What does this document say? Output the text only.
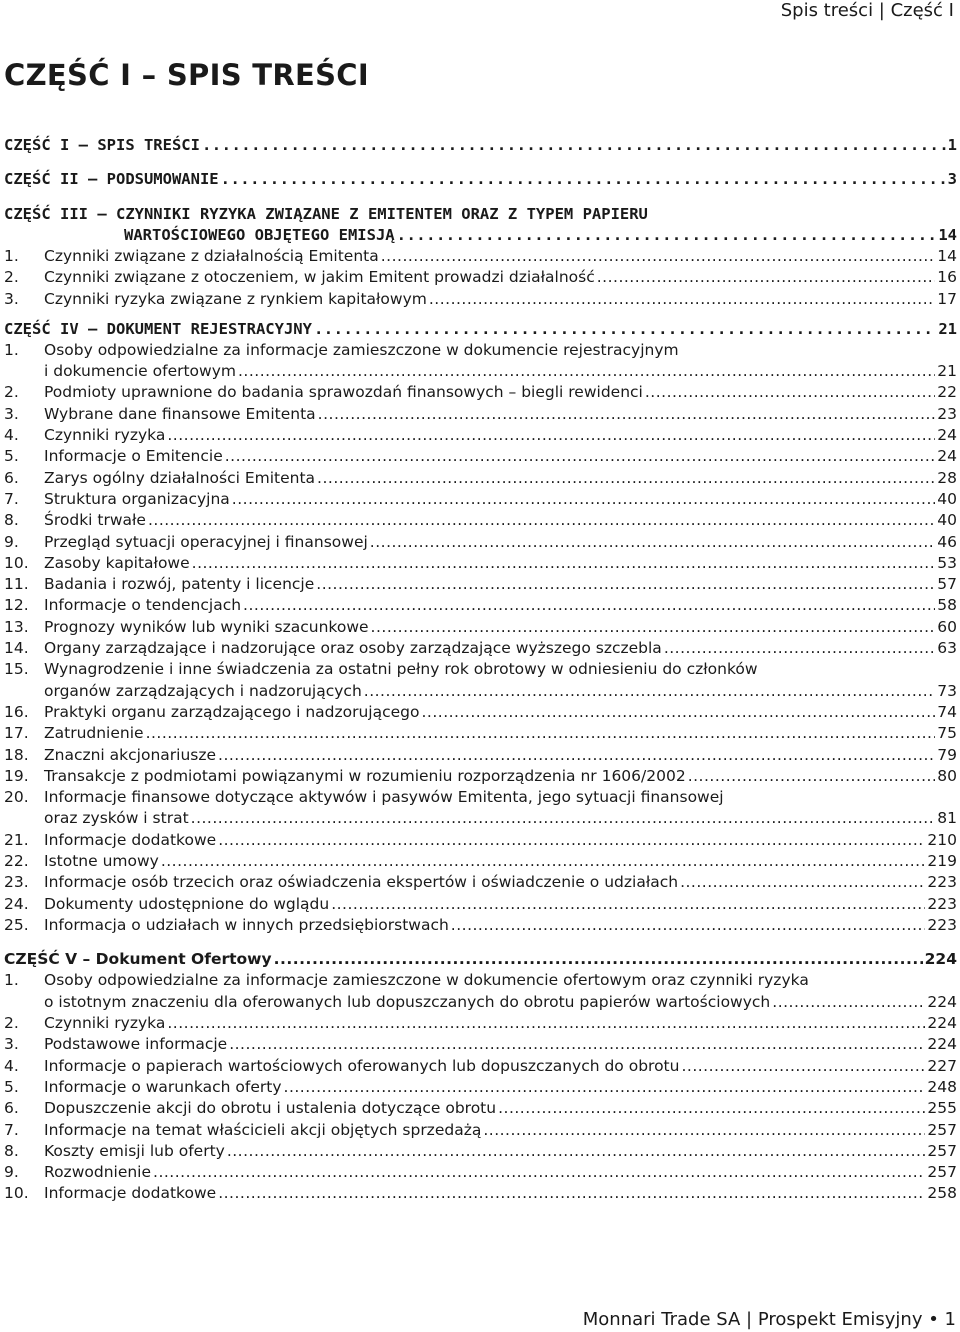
Spis treści | Część I
CZĘŚĆ I – SPIS TREŚCI
CZĘŚĆ I – SPIS TREŚCI .....	1
CZĘŚĆ II – PODSUMOWANIE .....	3
CZĘŚĆ III – CZYNNIKI RYZYKA ZWIĄZANE Z EMITENTEM ORAZ Z TYPEM PAPIERU
WARTOŚCIOWEGO OBJĘTEGO EMISJĄ .....	14
1.	Czynniki związane z działalnością Emitenta .....	14
2.	Czynniki związane z otoczeniem, w jakim Emitent prowadzi działalność .....	16
3.	Czynniki ryzyka związane z rynkiem kapitałowym .....	17
CZĘŚĆ IV – DOKUMENT REJESTRACYJNY .....	21
1.	Osoby odpowiedzialne za informacje zamieszczone w dokumencie rejestracyjnym
i dokumencie ofertowym .....	21
2.	Podmioty uprawnione do badania sprawozdań finansowych – biegli rewidenci .....	22
3.	Wybrane dane finansowe Emitenta .....	23
4.	Czynniki ryzyka .....	24
5.	Informacje o Emitencie .....	24
6.	Zarys ogólny działalności Emitenta .....	28
7.	Struktura organizacyjna .....	40
8.	Środki trwałe .....	40
9.	Przegląd sytuacji operacyjnej i finansowej .....	46
10. Zasoby kapitałowe .....	53
11. Badania i rozwój, patenty i licencje .....	57
12. Informacje o tendencjach .....	58
13. Prognozy wyników lub wyniki szacunkowe .....	60
14. Organy zarządzające i nadzorujące oraz osoby zarządzające wyższego szczebla .....	63
15. Wynagrodzenie i inne świadczenia za ostatni pełny rok obrotowy w odniesieniu do członków
organów zarządzających i nadzorujących .....	73
16. Praktyki organu zarządzającego i nadzorującego .....	74
17. Zatrudnienie .....	75
18. Znaczni akcjonariusze .....	79
19. Transakcje z podmiotami powiązanymi w rozumieniu rozporządzenia nr 1606/2002 .....	80
20. Informacje finansowe dotyczące aktywów i pasywów Emitenta, jego sytuacji finansowej
oraz zysków i strat .....	81
21. Informacje dodatkowe .....	210
22. Istotne umowy .....	219
23. Informacje osób trzecich oraz oświadczenia ekspertów i oświadczenie o udziałach .....	223
24. Dokumenty udostępnione do wglądu .....	223
25. Informacja o udziałach w innych przedsiębiorstwach .....	223
CZĘŚĆ V – Dokument Ofertowy .....	224
1.	Osoby odpowiedzialne za informacje zamieszczone w dokumencie ofertowym oraz czynniki ryzyka
o istotnym znaczeniu dla oferowanych lub dopuszczanych do obrotu papierów wartościowych .....	224
2.	Czynniki ryzyka .....	224
3.	Podstawowe informacje .....	224
4.	Informacje o papierach wartościowych oferowanych lub dopuszczanych do obrotu .....	227
5.	Informacje o warunkach oferty .....	248
6.	Dopuszczenie akcji do obrotu i ustalenia dotyczące obrotu .....	255
7.	Informacje na temat właścicieli akcji objętych sprzedażą .....	257
8.	Koszty emisji lub oferty .....	257
9.	Rozwodnienie .....	257
10. Informacje dodatkowe .....	258
Monnari Trade SA | Prospekt Emisyjny • 1
